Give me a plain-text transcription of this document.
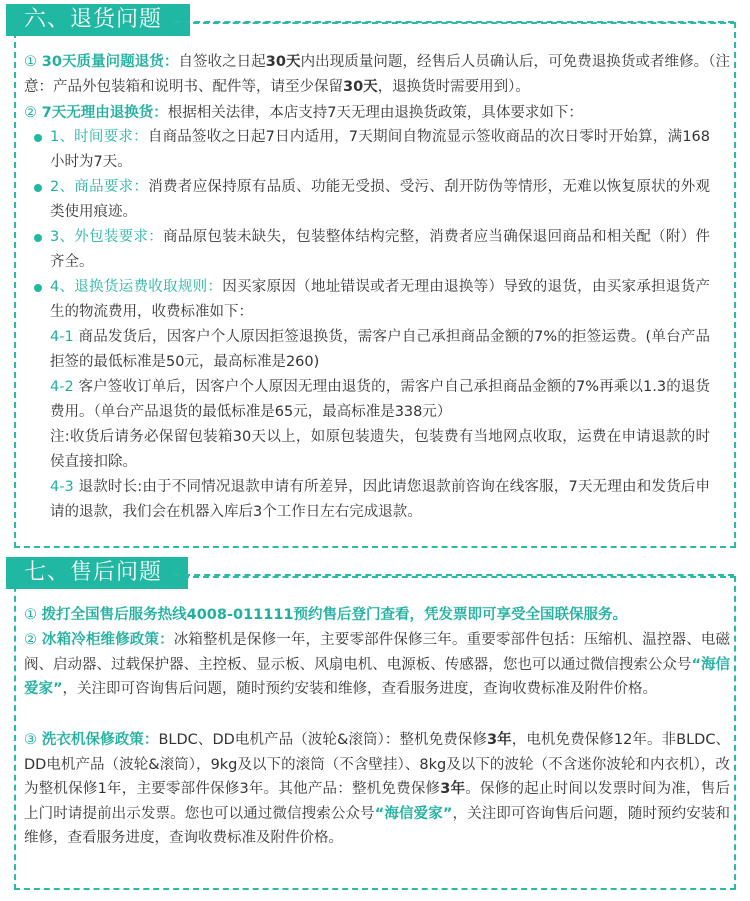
六、退货问题

① 30天质量问题退货：自签收之日起30天内出现质量问题，经售后人员确认后，可免费退换货或者维修。（注意：产品外包装箱和说明书、配件等，请至少保留30天，退换货时需要用到）。

② 7天无理由退换货：根据相关法律，本店支持7天无理由退换货政策，具体要求如下：

1、时间要求：自商品签收之日起7日内适用，7天期间自物流显示签收商品的次日零时开始算，满168小时为7天。

2、商品要求：消费者应保持原有品质、功能无受损、受污、刮开防伪等情形，无难以恢复原状的外观类使用痕迹。

3、外包装要求：商品原包装未缺失，包装整体结构完整，消费者应当确保退回商品和相关配（附）件齐全。

4、退换货运费收取规则：因买家原因（地址错误或者无理由退换等）导致的退货，由买家承担退货产生的物流费用，收费标准如下：

4-1 商品发货后，因客户个人原因拒签退换货，需客户自己承担商品金额的7%的拒签运费。(单台产品拒签的最低标准是50元，最高标准是260)

4-2 客户签收订单后，因客户个人原因无理由退货的，需客户自己承担商品金额的7%再乘以1.3的退货费用。（单台产品退货的最低标准是65元，最高标准是338元）

注:收货后请务必保留包装箱30天以上，如原包装遗失，包装费有当地网点收取，运费在申请退款的时侯直接扣除。

4-3 退款时长:由于不同情况退款申请有所差异，因此请您退款前咨询在线客服，7天无理由和发货后申请的退款，我们会在机器入库后3个工作日左右完成退款。

七、售后问题

① 拨打全国售后服务热线4008-011111预约售后登门查看，凭发票即可享受全国联保服务。

② 冰箱冷柜维修政策：冰箱整机是保修一年，主要零部件保修三年。重要零部件包括：压缩机、温控器、电磁阀、启动器、过载保护器、主控板、显示板、风扇电机、电源板、传感器，您也可以通过微信搜索公众号“海信爱家”，关注即可咨询售后问题，随时预约安装和维修，查看服务进度，查询收费标准及附件价格。

③ 洗衣机保修政策：BLDC、DD电机产品（波轮&滚筒）：整机免费保修3年，电机免费保修12年。非BLDC、DD电机产品（波轮&滚筒），9kg及以下的滚筒（不含壁挂）、8kg及以下的波轮（不含迷你波轮和内衣机），改为整机保修1年，主要零部件保修3年。其他产品：整机免费保修3年。保修的起止时间以发票时间为准，售后上门时请提前出示发票。您也可以通过微信搜索公众号“海信爱家”，关注即可咨询售后问题，随时预约安装和维修，查看服务进度，查询收费标准及附件价格。
